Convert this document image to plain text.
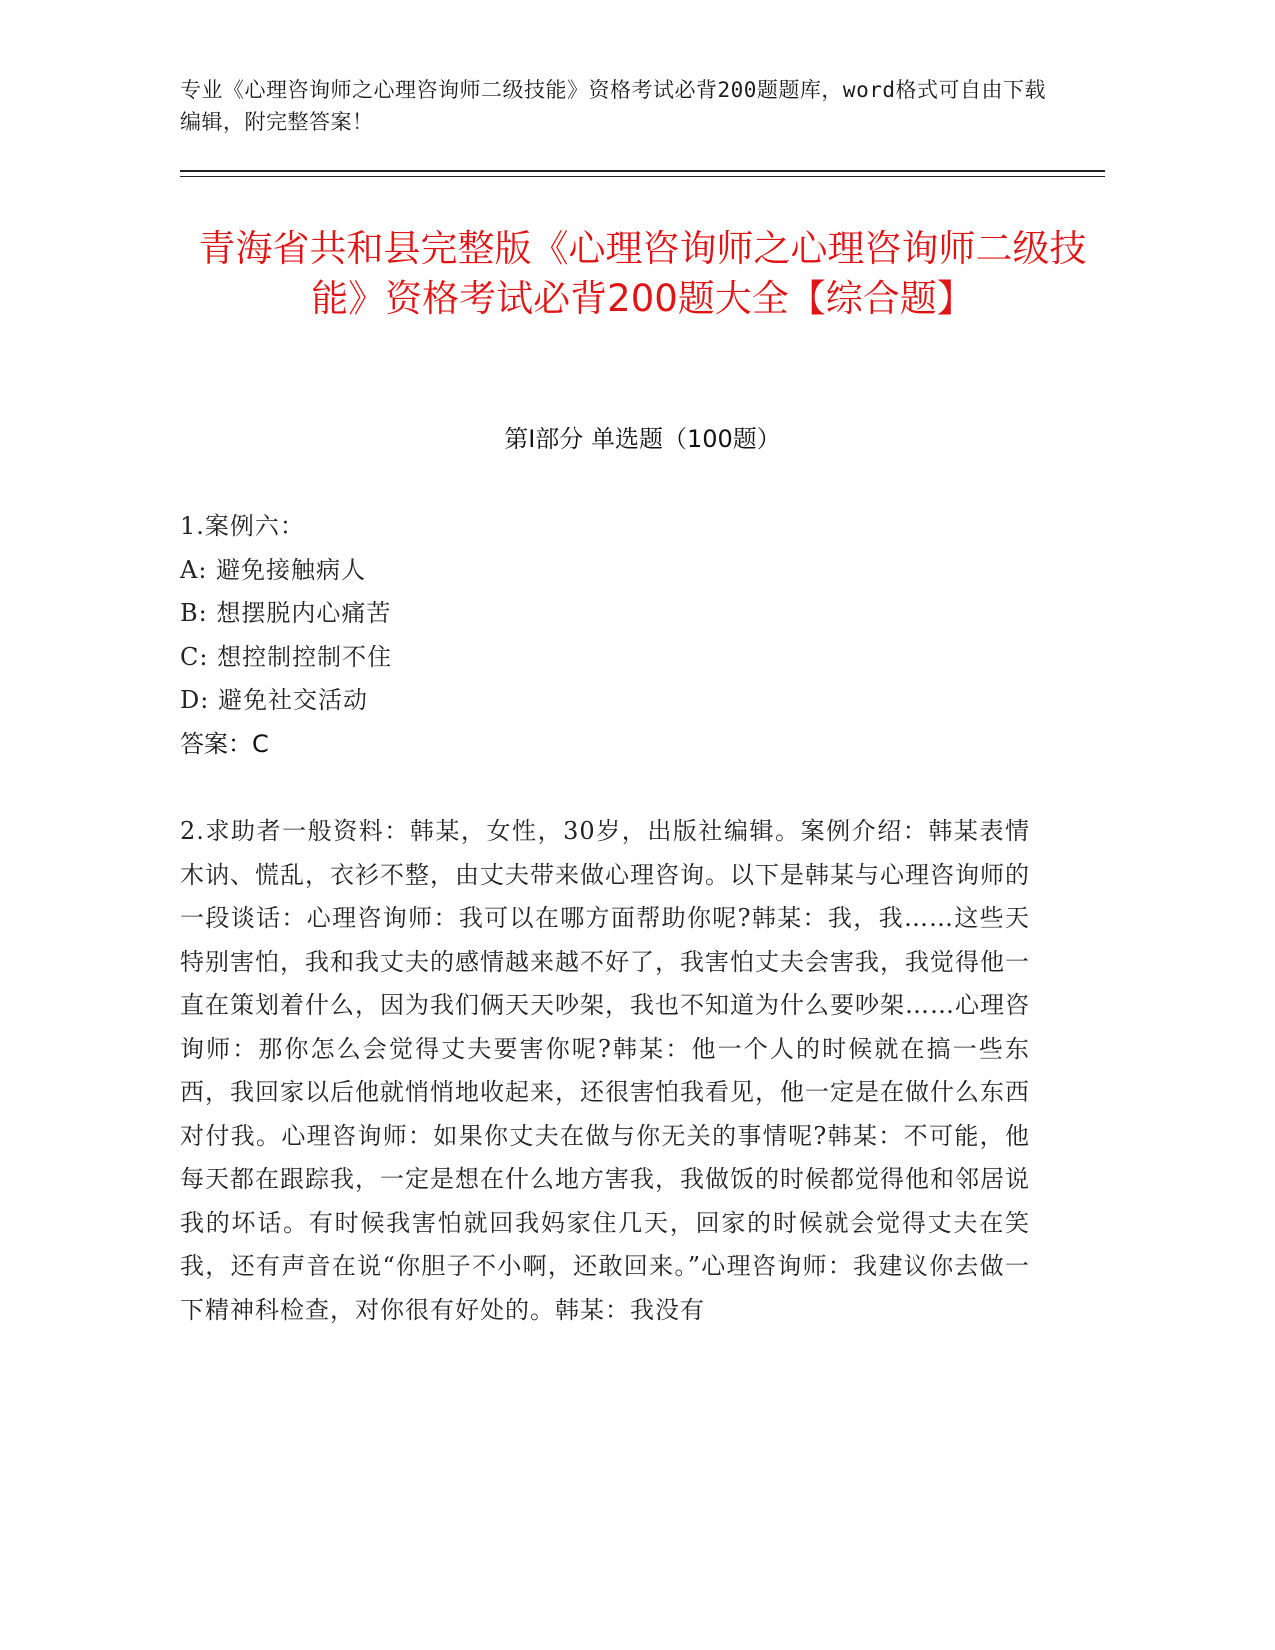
专业《心理咨询师之心理咨询师二级技能》资格考试必背200题题库，word格式可自由下载编辑，附完整答案！
青海省共和县完整版《心理咨询师之心理咨询师二级技能》资格考试必背200题大全【综合题】
第Ⅰ部分 单选题（100题）
1.案例六：
A: 避免接触病人
B: 想摆脱内心痛苦
C: 想控制控制不住
D: 避免社交活动
答案：C
2.求助者一般资料：韩某，女性，30岁，出版社编辑。案例介绍：韩某表情木讷、慌乱，衣衫不整，由丈夫带来做心理咨询。以下是韩某与心理咨询师的一段谈话：心理咨询师：我可以在哪方面帮助你呢?韩某：我，我……这些天特别害怕，我和我丈夫的感情越来越不好了，我害怕丈夫会害我，我觉得他一直在策划着什么，因为我们俩天天吵架，我也不知道为什么要吵架……心理咨询师：那你怎么会觉得丈夫要害你呢?韩某：他一个人的时候就在搞一些东西，我回家以后他就悄悄地收起来，还很害怕我看见，他一定是在做什么东西对付我。心理咨询师：如果你丈夫在做与你无关的事情呢?韩某：不可能，他每天都在跟踪我，一定是想在什么地方害我，我做饭的时候都觉得他和邻居说我的坏话。有时候我害怕就回我妈家住几天，回家的时候就会觉得丈夫在笑我，还有声音在说“你胆子不小啊，还敢回来。”心理咨询师：我建议你去做一下精神科检查，对你很有好处的。韩某：我没有
